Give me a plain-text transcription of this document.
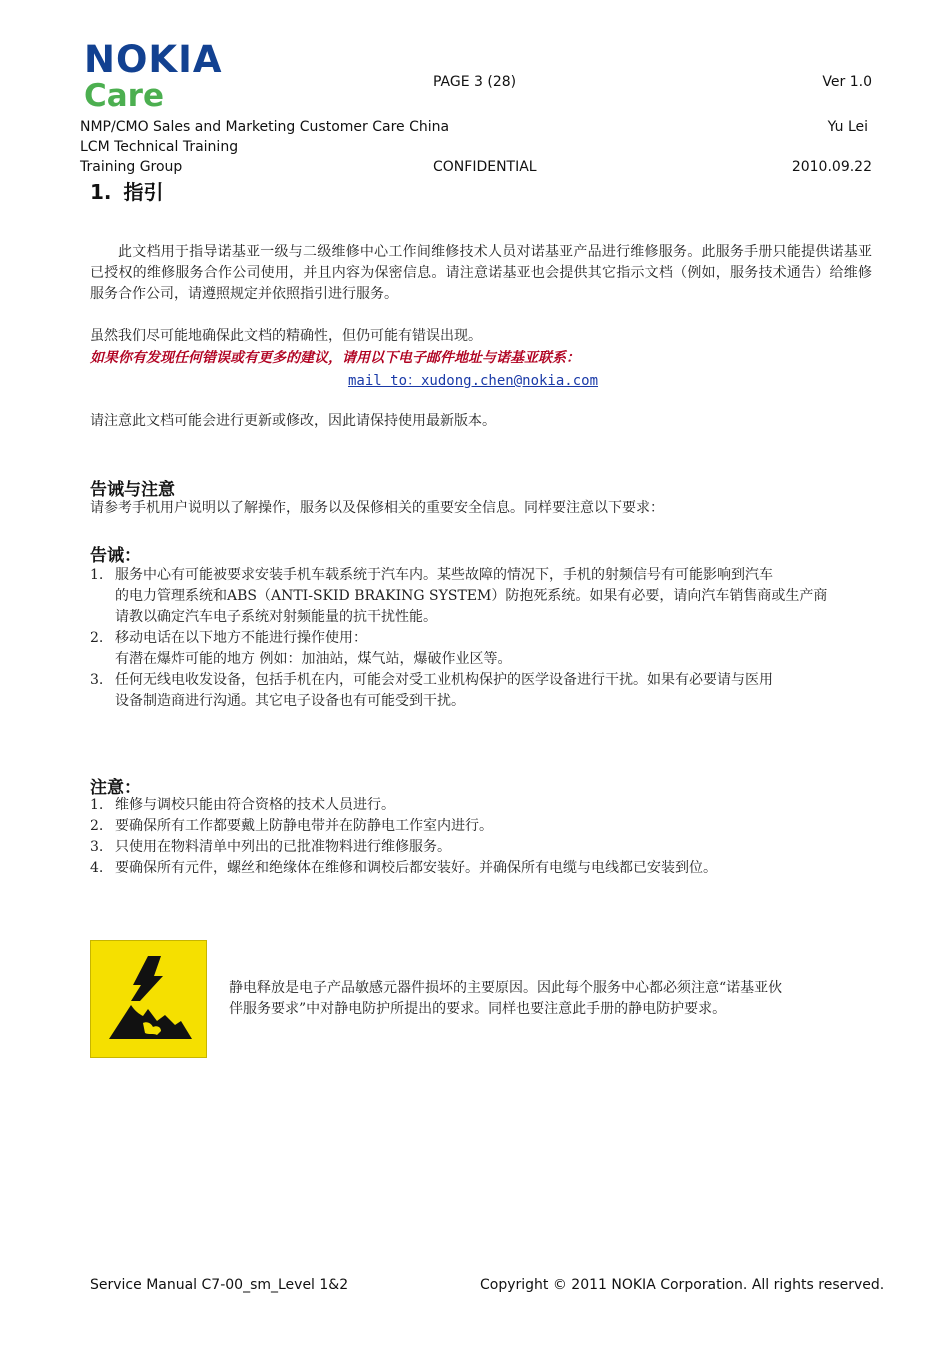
NOKIA
Care	PAGE 3 (28)	Ver 1.0
NMP/CMO Sales and Marketing Customer Care China	Yu Lei
LCM Technical Training
Training Group	CONFIDENTIAL	2010.09.22
1. 指引
此文档用于指导诺基亚一级与二级维修中心工作间维修技术人员对诺基亚产品进行维修服务。此服务手册只能提供诺基亚已授权的维修服务合作公司使用，并且内容为保密信息。请注意诺基亚也会提供其它指示文档（例如，服务技术通告）给维修服务合作公司，请遵照规定并依照指引进行服务。
虽然我们尽可能地确保此文档的精确性，但仍可能有错误出现。
如果你有发现任何错误或有更多的建议，请用以下电子邮件地址与诺基亚联系：
mail to：xudong.chen@nokia.com
请注意此文档可能会进行更新或修改，因此请保持使用最新版本。
告诫与注意
请参考手机用户说明以了解操作，服务以及保修相关的重要安全信息。同样要注意以下要求：
告诫：
1. 服务中心有可能被要求安装手机车载系统于汽车内。某些故障的情况下，手机的射频信号有可能影响到汽车
的电力管理系统和ABS（ANTI-SKID BRAKING SYSTEM）防抱死系统。如果有必要，请向汽车销售商或生产商
请教以确定汽车电子系统对射频能量的抗干扰性能。
2. 移动电话在以下地方不能进行操作使用：
有潜在爆炸可能的地方 例如：加油站，煤气站，爆破作业区等。
3. 任何无线电收发设备，包括手机在内，可能会对受工业机构保护的医学设备进行干扰。如果有必要请与医用
设备制造商进行沟通。其它电子设备也有可能受到干扰。
注意：
1. 维修与调校只能由符合资格的技术人员进行。
2. 要确保所有工作都要戴上防静电带并在防静电工作室内进行。
3. 只使用在物料清单中列出的已批准物料进行维修服务。
4. 要确保所有元件，螺丝和绝缘体在维修和调校后都安装好。并确保所有电缆与电线都已安装到位。
静电释放是电子产品敏感元器件损坏的主要原因。因此每个服务中心都必须注意“诺基亚伙
伴服务要求”中对静电防护所提出的要求。同样也要注意此手册的静电防护要求。
Service Manual C7-00_sm_Level 1&2	Copyright © 2011 NOKIA Corporation. All rights reserved.
